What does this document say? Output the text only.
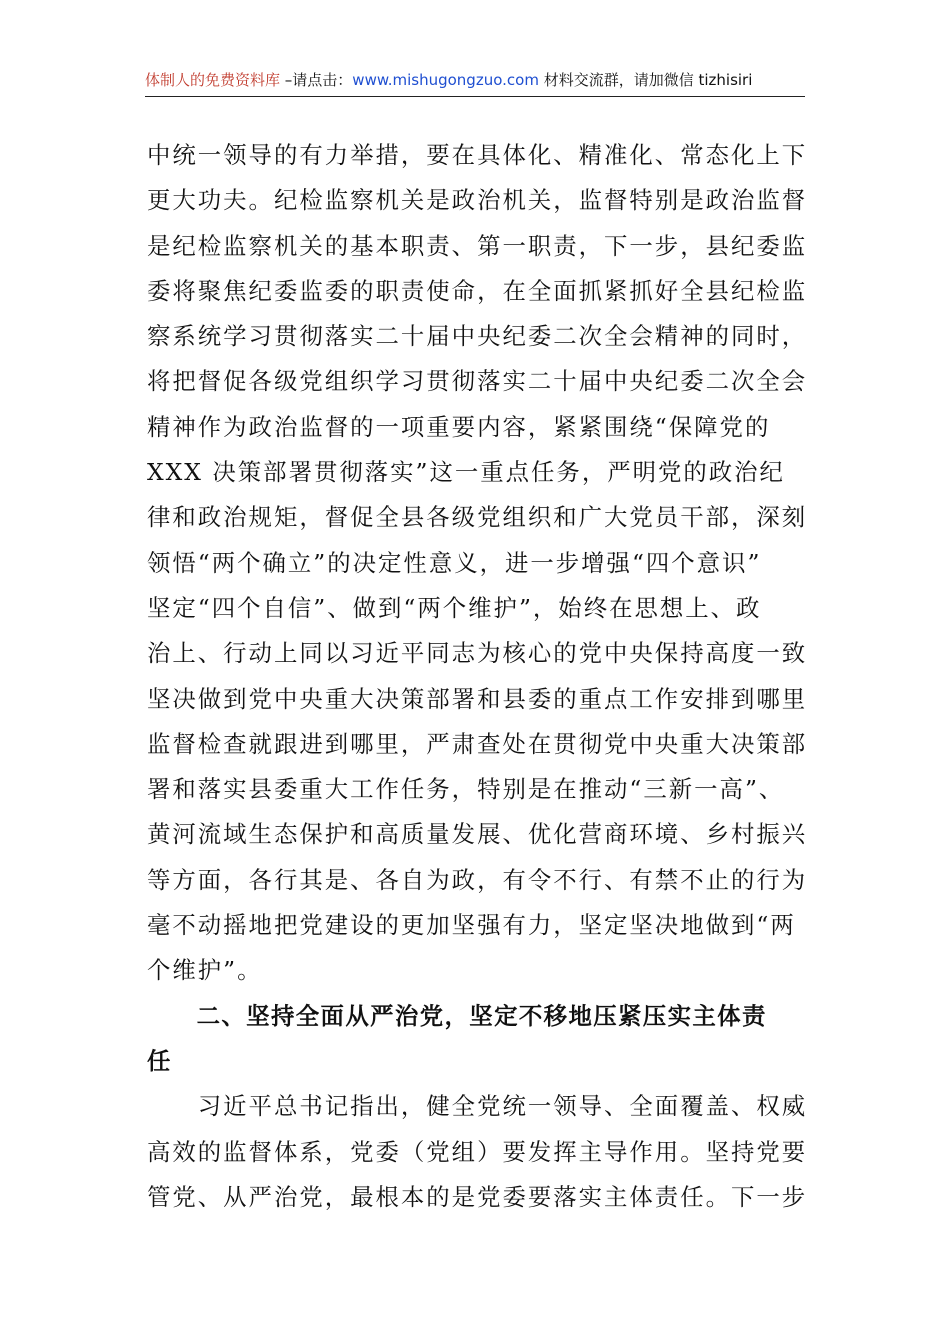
体制人的免费资料库 –请点击：www.mishugongzuo.com 材料交流群，请加微信 tizhisiri
中统一领导的有力举措，要在具体化、精准化、常态化上下
更大功夫。纪检监察机关是政治机关，监督特别是政治监督
是纪检监察机关的基本职责、第一职责，下一步，县纪委监
委将聚焦纪委监委的职责使命，在全面抓紧抓好全县纪检监
察系统学习贯彻落实二十届中央纪委二次全会精神的同时，
将把督促各级党组织学习贯彻落实二十届中央纪委二次全会
精神作为政治监督的一项重要内容，紧紧围绕“保障党的
XXX 决策部署贯彻落实”这一重点任务，严明党的政治纪
律和政治规矩，督促全县各级党组织和广大党员干部，深刻
领悟“两个确立”的决定性意义，进一步增强“四个意识”
坚定“四个自信”、做到“两个维护”，始终在思想上、政
治上、行动上同以习近平同志为核心的党中央保持高度一致
坚决做到党中央重大决策部署和县委的重点工作安排到哪里
监督检查就跟进到哪里，严肃查处在贯彻党中央重大决策部
署和落实县委重大工作任务，特别是在推动“三新一高”、
黄河流域生态保护和高质量发展、优化营商环境、乡村振兴
等方面，各行其是、各自为政，有令不行、有禁不止的行为
毫不动摇地把党建设的更加坚强有力，坚定坚决地做到“两
个维护”。
　　二、坚持全面从严治党，坚定不移地压紧压实主体责
任
　　习近平总书记指出，健全党统一领导、全面覆盖、权威
高效的监督体系，党委（党组）要发挥主导作用。坚持党要
管党、从严治党，最根本的是党委要落实主体责任。下一步
